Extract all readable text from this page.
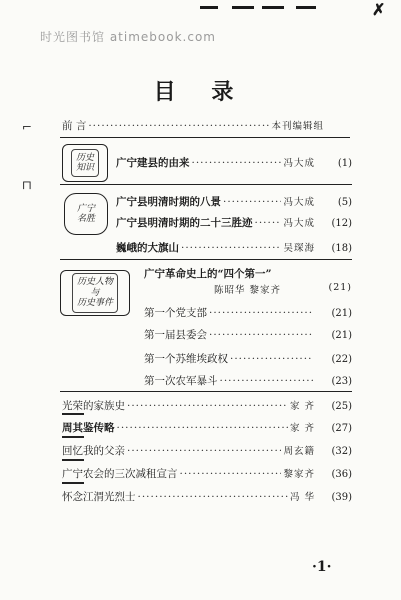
✗
时光图书馆 atimebook.com
目 录
⌐
⊓
前 言 ·····	本刊编辑组
历史
知识 广宁建县的由来 ·····	冯大成	(1)
广宁
名胜
广宁县明清时期的八景 ·····	冯大成	(5)
广宁县明清时期的二十三胜迹 ·····	冯大成	(12)
巍峨的大旗山 ·····	吴琛海	(18)
历史人物
与
历史事件
广宁革命史上的“四个第一”
陈昭华 黎家齐	(21)
第一个党支部 ·····	(21)
第一届县委会 ·····	(21)
第一个苏维埃政权 ·····	(22)
第一次农军暴斗 ·····	(23)
光荣的家族史 ·····	家 齐	(25)
周其鉴传略 ·····	家 齐	(27)
回忆我的父亲 ·····	周玄籍	(32)
广宁农会的三次减租宣言 ·····	黎家齐	(36)
怀念江渭光烈士 ·····	冯 华	(39)
·1·
